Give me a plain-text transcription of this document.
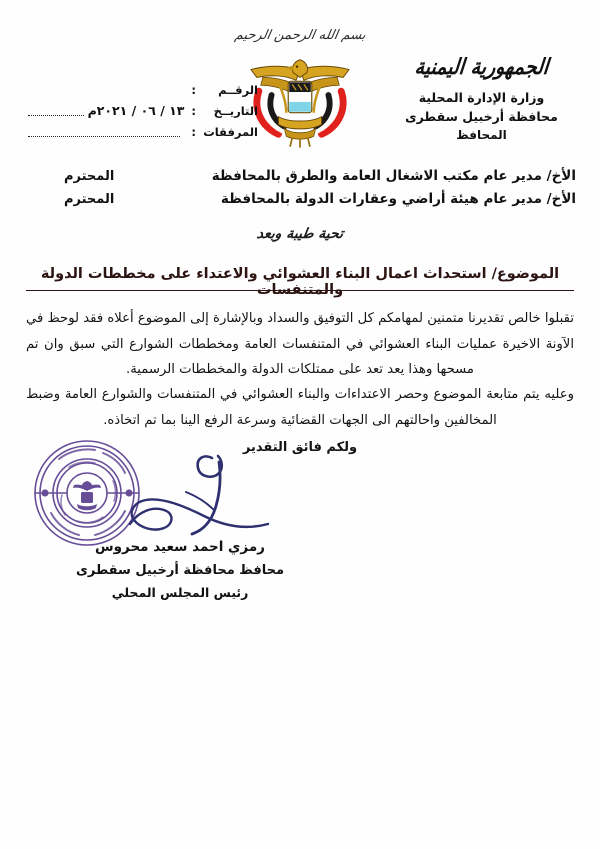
الجمهورية اليمنية
وزارة الإدارة المحلية
محافظة أرخبيل سقطرى
المحافظ
بسم الله الرحمن الرحيم
الرقــم
:
التاريــخ
:
١٣ / ٠٦ / ٢٠٢١م
المرفقات
:
الأخ/ مدير عام مكتب الاشغال العامة والطرق بالمحافظة
المحترم
الأخ/ مدير عام هيئة أراضي وعقارات الدولة بالمحافظة
المحترم
تحية طيبة وبعد
الموضوع/ استحداث اعمال البناء العشوائي والاعتداء على مخططات الدولة والمتنفسات
تقبلوا خالص تقديرنا متمنين لمهامكم كل التوفيق والسداد وبالإشارة إلى الموضوع أعلاه فقد لوحظ في الآونة الاخيرة عمليات البناء العشوائي في المتنفسات العامة ومخططات الشوارع التي سبق وان تم مسحها وهذا يعد تعد على ممتلكات الدولة والمخططات الرسمية.
وعليه يتم متابعة الموضوع وحصر الاعتداءات والبناء العشوائي في المتنفسات والشوارع العامة وضبط المخالفين واحالتهم الى الجهات القضائية وسرعة الرفع الينا بما تم اتخاذه.
ولكم فائق التقدير
رمزي احمد سعيد محروس
محافظ محافظة أرخبيل سقطرى
رئيس المجلس المحلي
